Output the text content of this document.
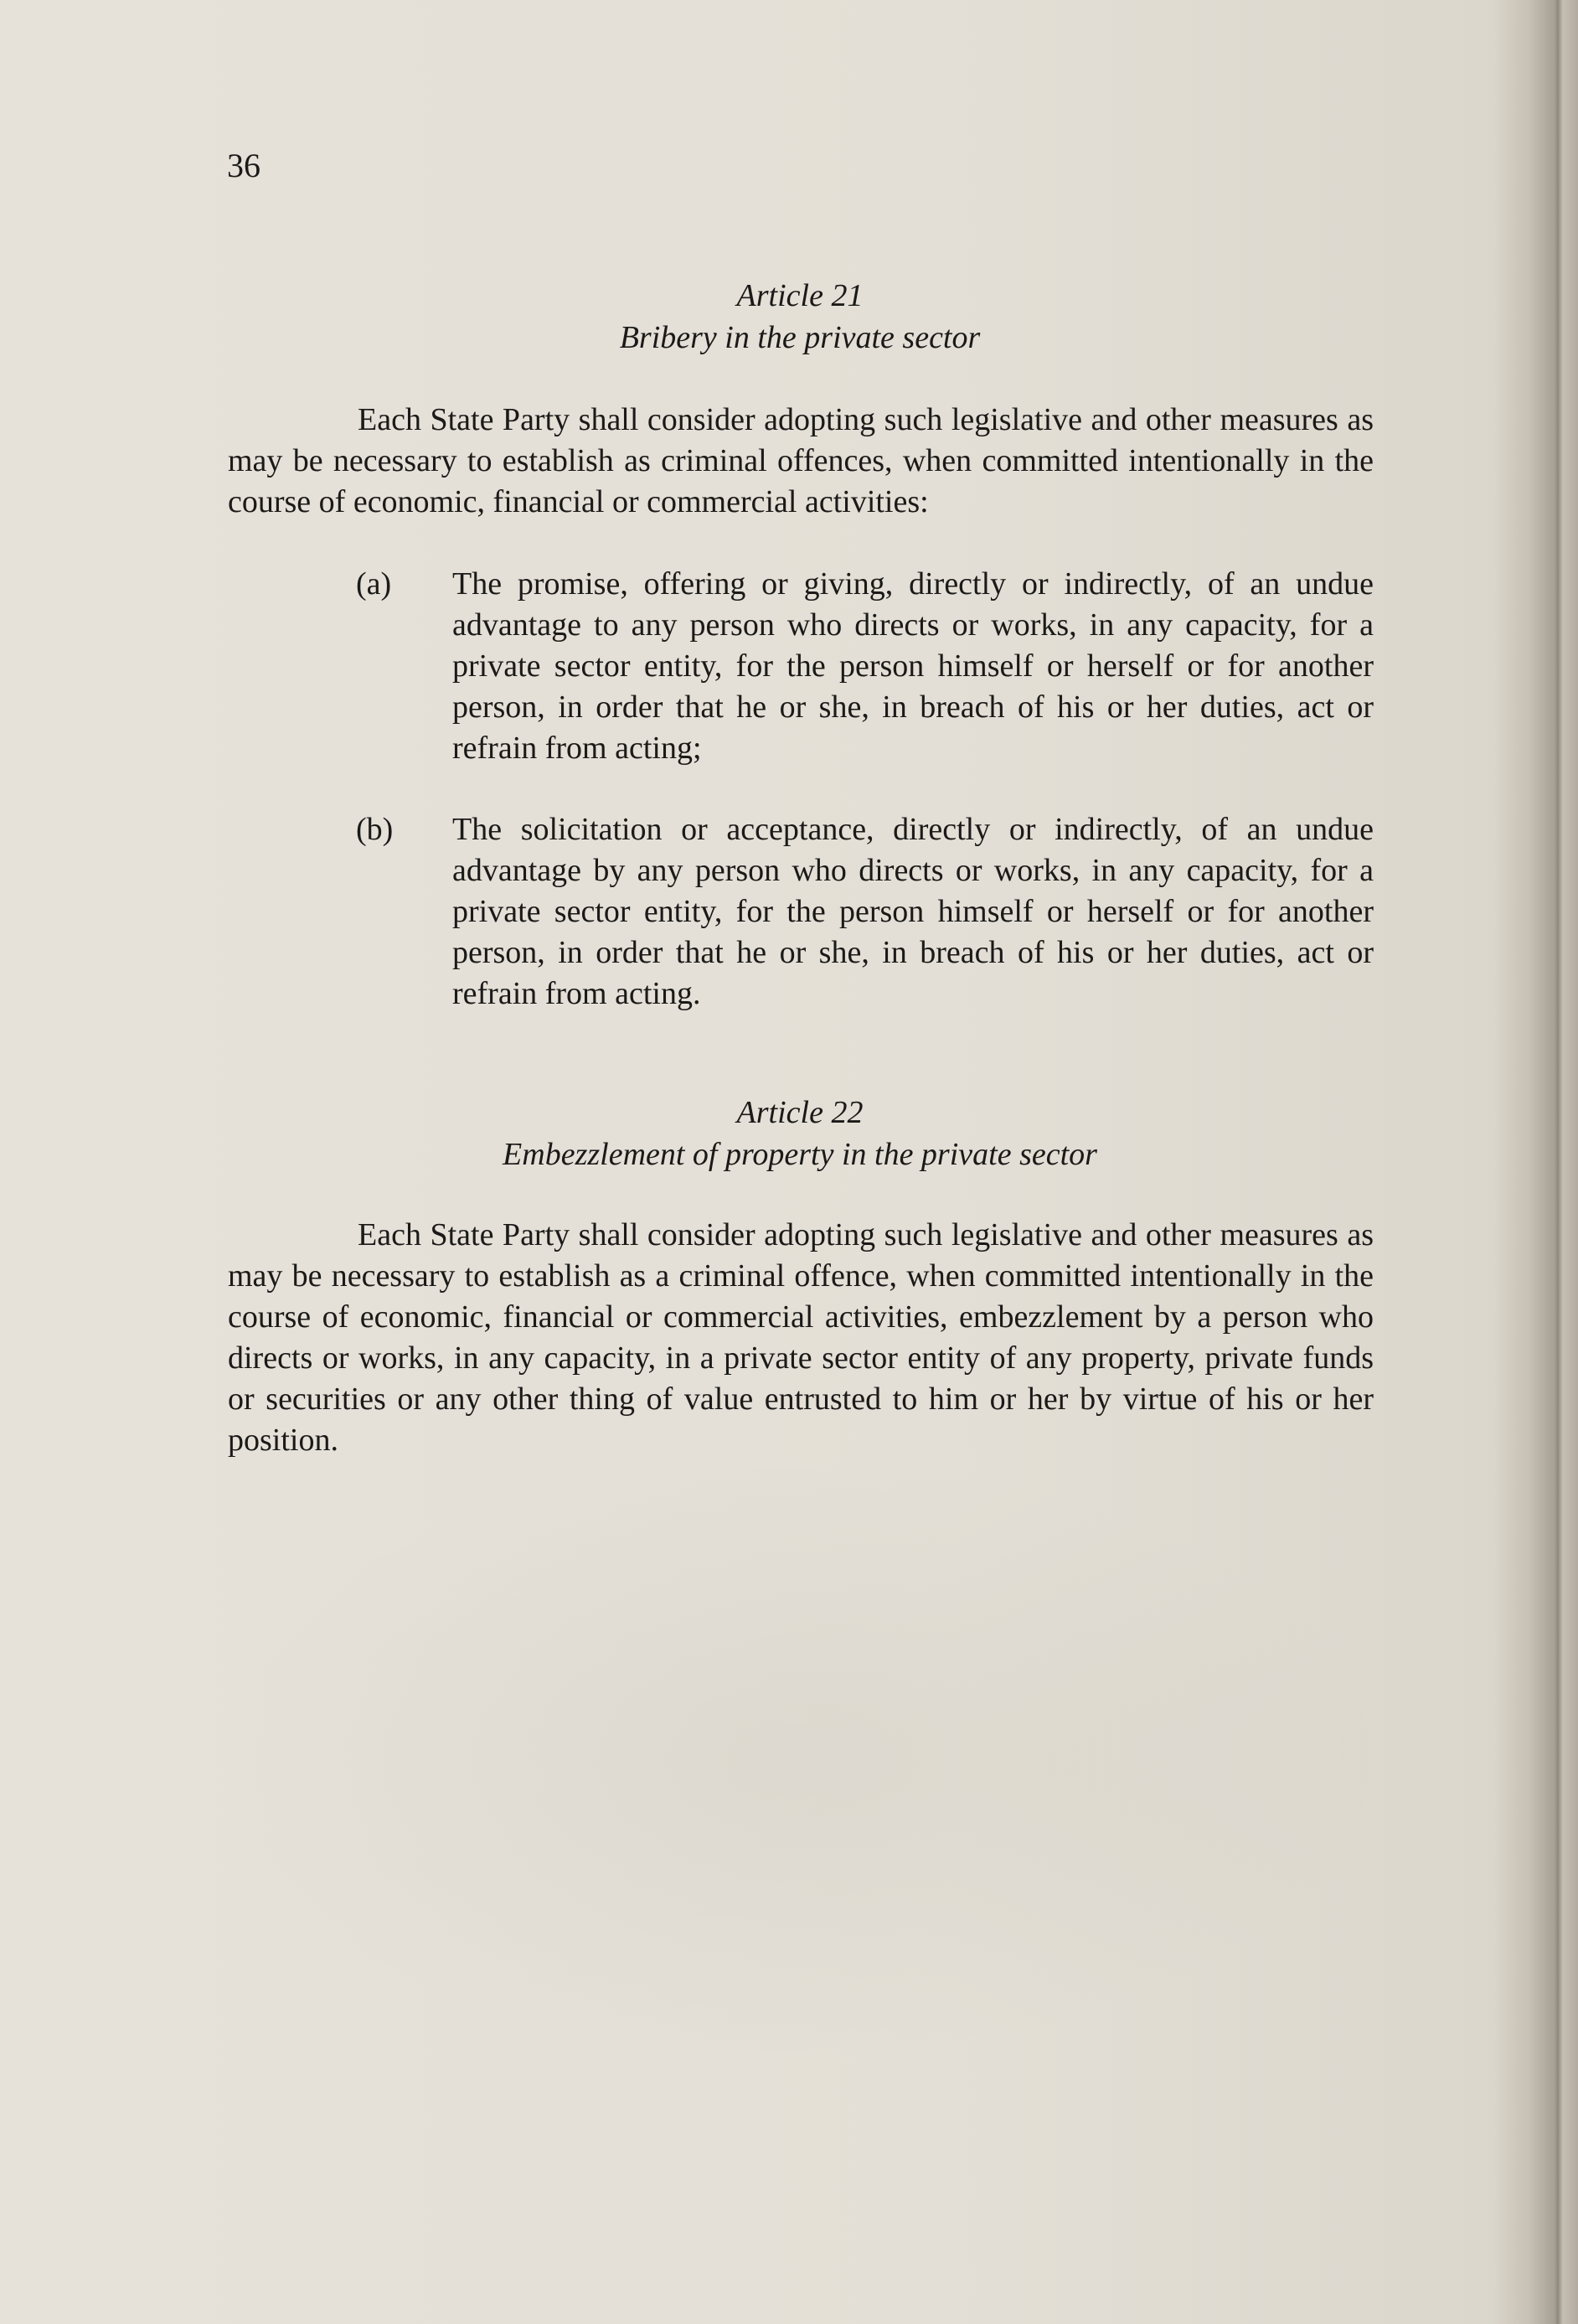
36
Article 21
Bribery in the private sector

Each State Party shall consider adopting such legislative and other measures as may be necessary to establish as criminal offences, when committed intentionally in the course of economic, financial or commercial activities:

(a) The promise, offering or giving, directly or indirectly, of an undue advantage to any person who directs or works, in any capacity, for a private sector entity, for the person himself or herself or for another person, in order that he or she, in breach of his or her duties, act or refrain from acting;

(b) The solicitation or acceptance, directly or indirectly, of an undue advantage by any person who directs or works, in any capacity, for a private sector entity, for the person himself or herself or for another person, in order that he or she, in breach of his or her duties, act or refrain from acting.

Article 22
Embezzlement of property in the private sector

Each State Party shall consider adopting such legislative and other measures as may be necessary to establish as a criminal offence, when committed intentionally in the course of economic, financial or commercial activities, embezzlement by a person who directs or works, in any capacity, in a private sector entity of any property, private funds or securities or any other thing of value entrusted to him or her by virtue of his or her position.
